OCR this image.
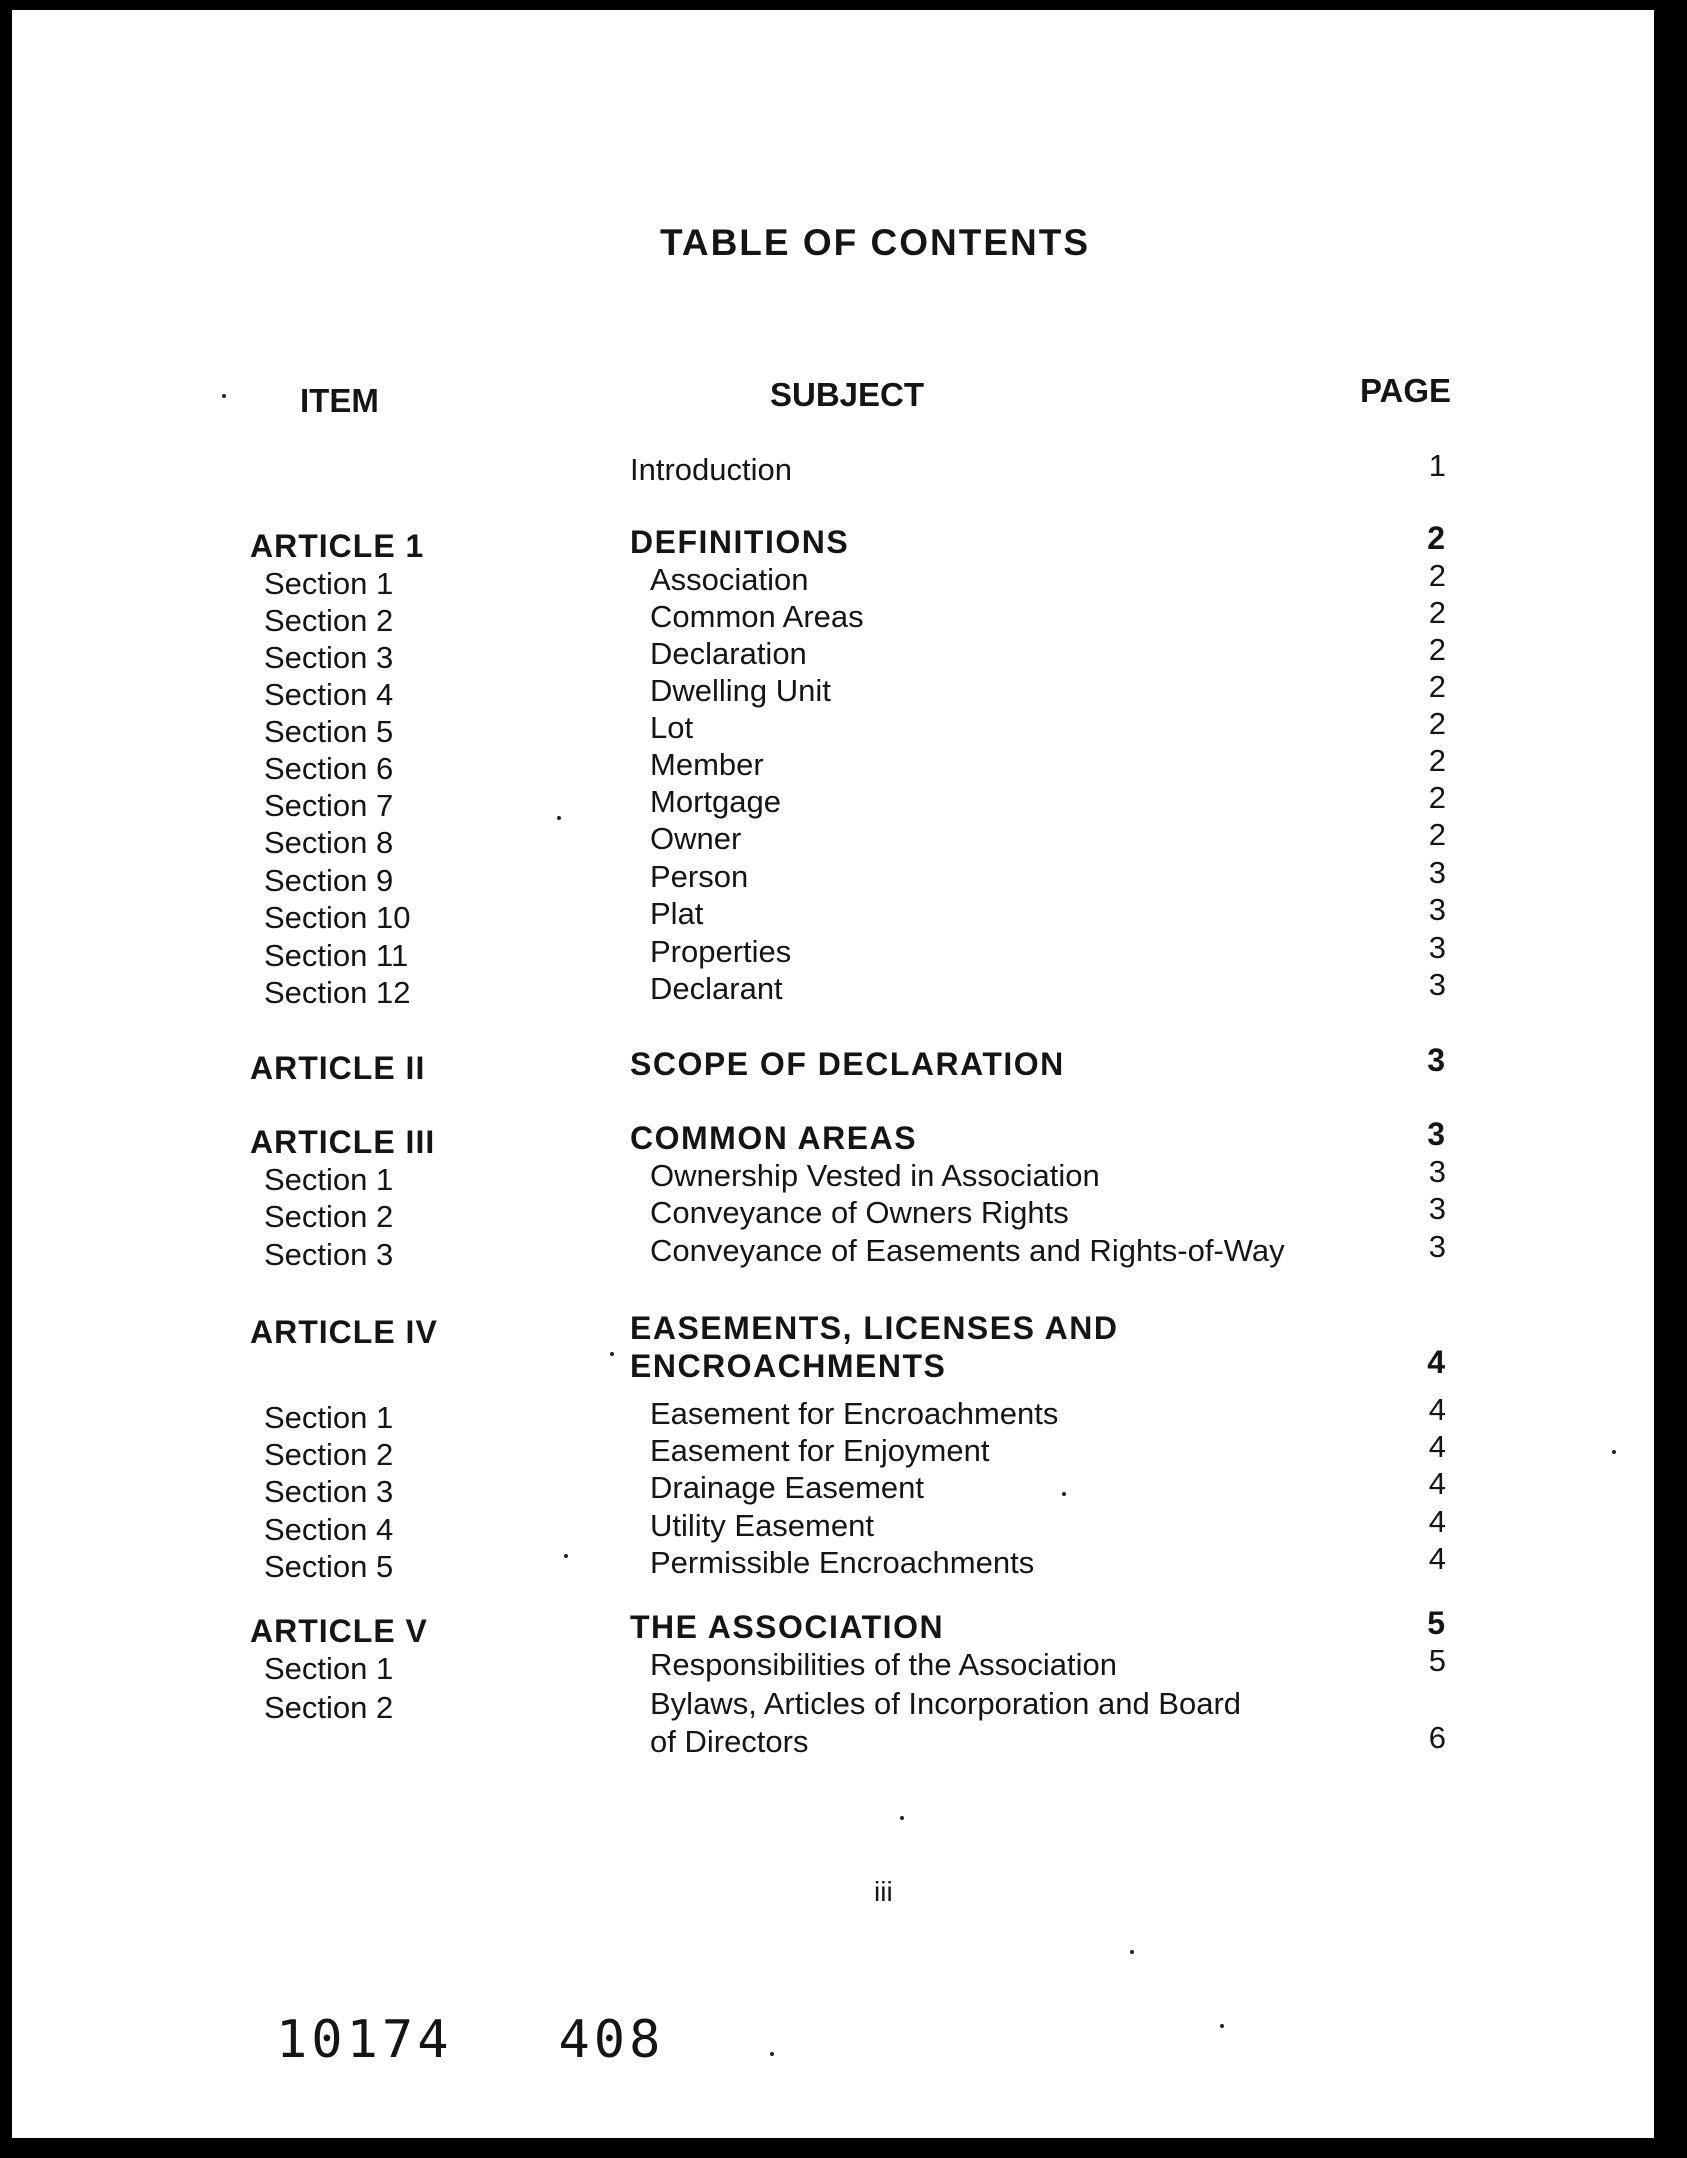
TABLE OF CONTENTS
ITEM	SUBJECT	PAGE
Introduction	1
ARTICLE 1	DEFINITIONS	2
Section 1	Association	2
Section 2	Common Areas	2
Section 3	Declaration	2
Section 4	Dwelling Unit	2
Section 5	Lot	2
Section 6	Member	2
Section 7	Mortgage	2
Section 8	Owner	2
Section 9	Person	3
Section 10	Plat	3
Section 11	Properties	3
Section 12	Declarant	3
ARTICLE II	SCOPE OF DECLARATION	3
ARTICLE III	COMMON AREAS	3
Section 1	Ownership Vested in Association	3
Section 2	Conveyance of Owners Rights	3
Section 3	Conveyance of Easements and Rights-of-Way	3
ARTICLE IV	EASEMENTS, LICENSES AND
ENCROACHMENTS	4
Section 1	Easement for Encroachments	4
Section 2	Easement for Enjoyment	4
Section 3	Drainage Easement	4
Section 4	Utility Easement	4
Section 5	Permissible Encroachments	4
ARTICLE V	THE ASSOCIATION	5
Section 1	Responsibilities of the Association	5
Section 2	Bylaws, Articles of Incorporation and Board
of Directors	6
iii
10174   408
